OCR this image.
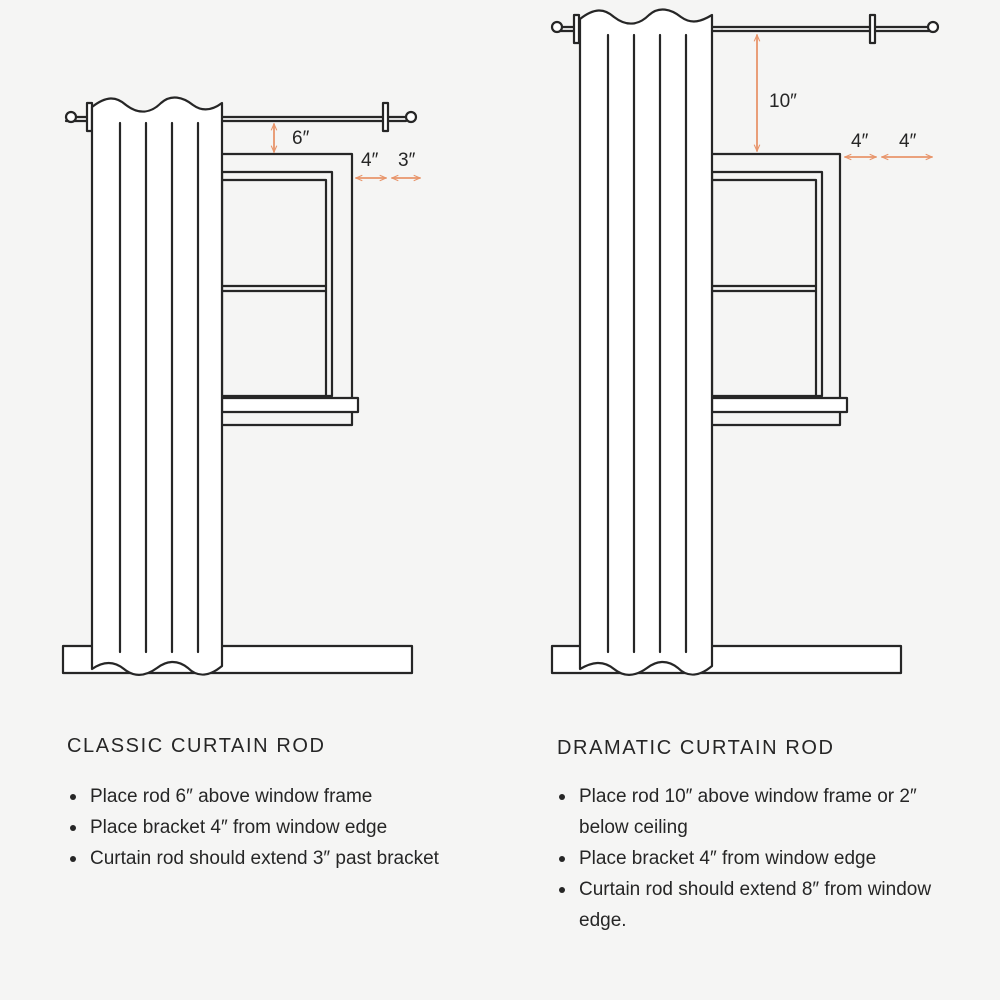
6″
4″ 3″
10″
4″ 4″
CLASSIC CURTAIN ROD
Place rod 6″ above window frame
Place bracket 4″ from window edge
Curtain rod should extend 3″ past bracket
DRAMATIC CURTAIN ROD
Place rod 10″ above window frame or 2″ below ceiling
Place bracket 4″ from window edge
Curtain rod should extend 8″ from window edge.
